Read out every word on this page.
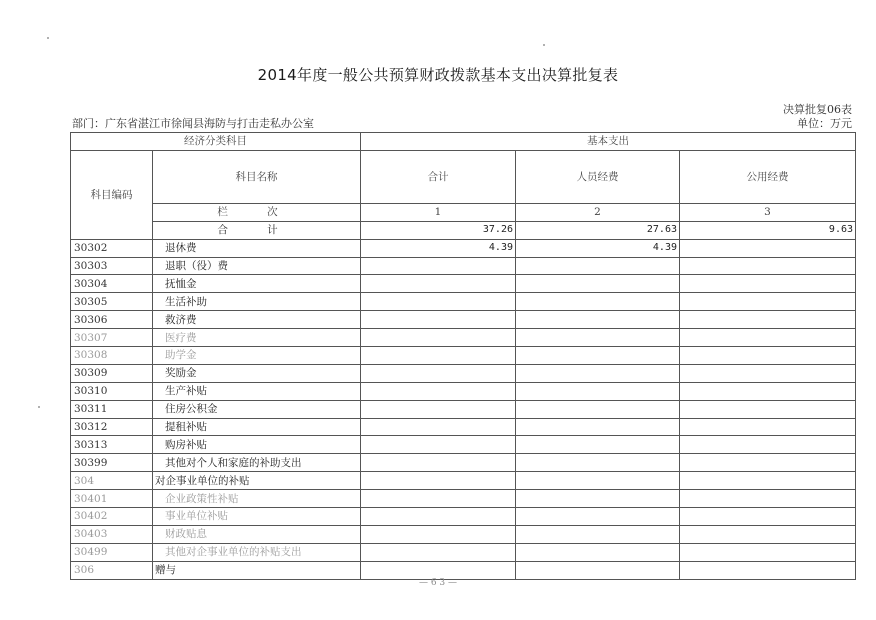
2014年度一般公共预算财政拨款基本支出决算批复表
决算批复06表
部门：广东省湛江市徐闻县海防与打击走私办公室	单位：万元
经济分类科目		基本支出		
科目编码	科目名称	合计	人员经费	公用经费
	栏 次	1	2	3
	合 计	37.26	27.63	9.63
30302	退休费	4.39	4.39	
30303	退职（役）费			
30304	抚恤金			
30305	生活补助			
30306	救济费			
30307	医疗费			
30308	助学金			
30309	奖励金			
30310	生产补贴			
30311	住房公积金			
30312	提租补贴			
30313	购房补贴			
30399	其他对个人和家庭的补助支出			
304	对企事业单位的补贴			
30401	企业政策性补贴			
30402	事业单位补贴			
30403	财政贴息			
30499	其他对企事业单位的补贴支出			
306	赠与			
— 6 3 —
